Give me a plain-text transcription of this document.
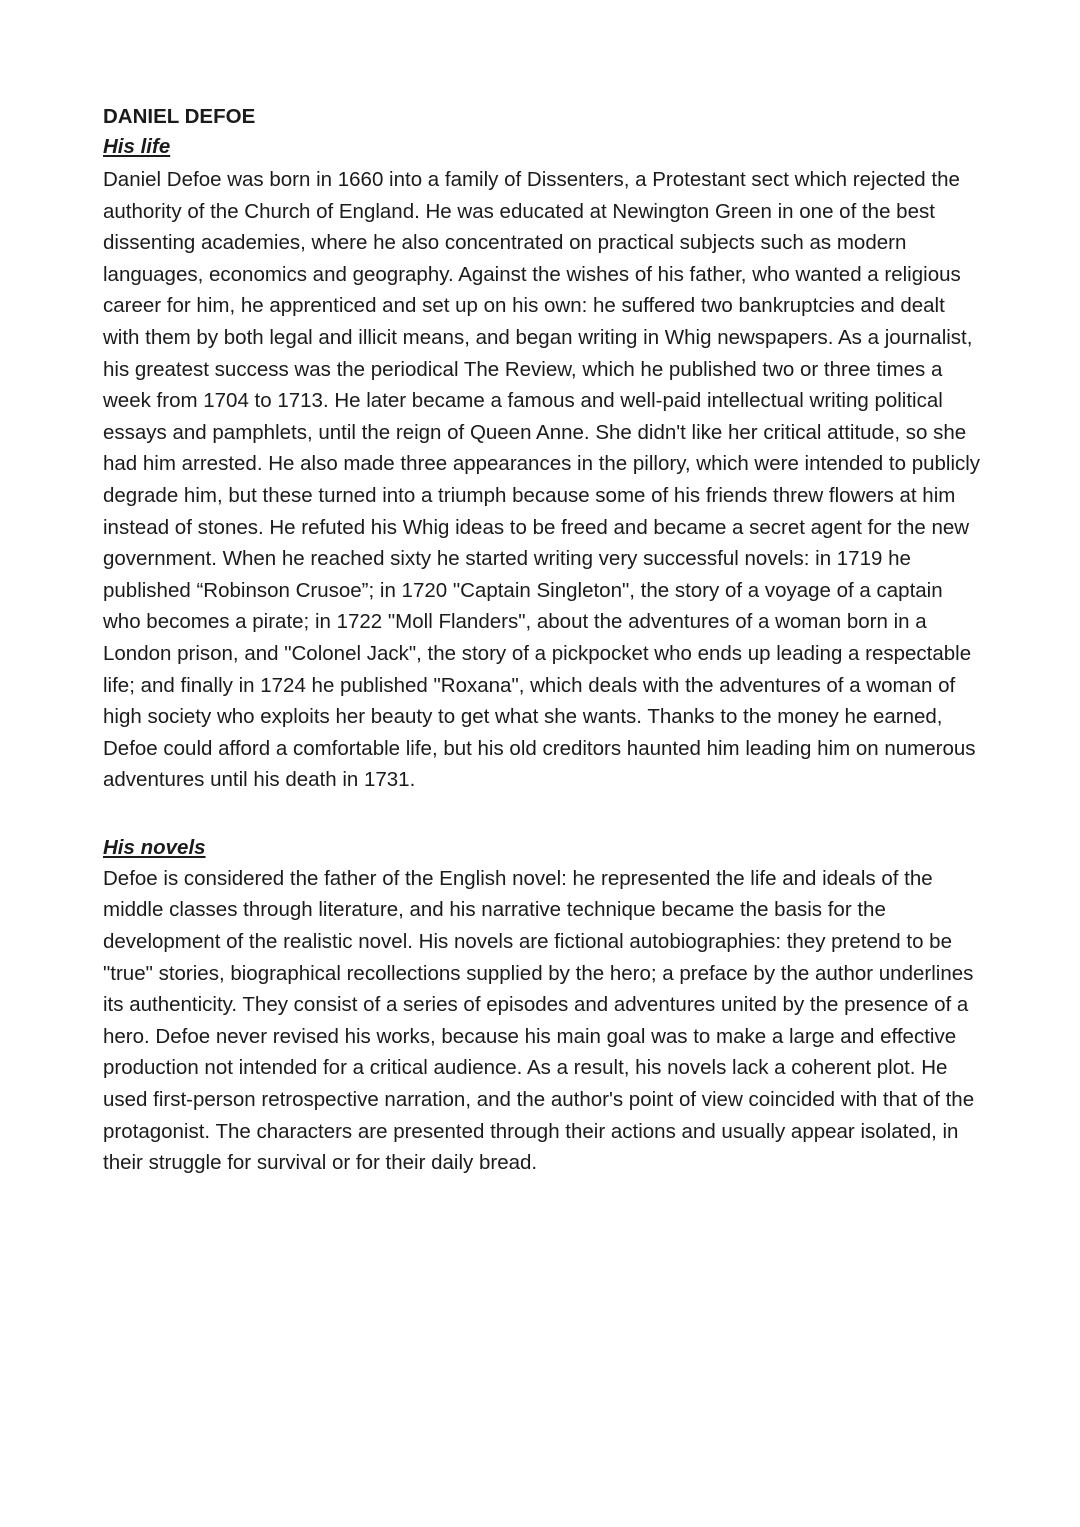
DANIEL DEFOE
His life

Daniel Defoe was born in 1660 into a family of Dissenters, a Protestant sect which rejected the authority of the Church of England. He was educated at Newington Green in one of the best dissenting academies, where he also concentrated on practical subjects such as modern languages, economics and geography. Against the wishes of his father, who wanted a religious career for him, he apprenticed and set up on his own: he suffered two bankruptcies and dealt with them by both legal and illicit means, and began writing in Whig newspapers. As a journalist, his greatest success was the periodical The Review, which he published two or three times a week from 1704 to 1713. He later became a famous and well-paid intellectual writing political essays and pamphlets, until the reign of Queen Anne. She didn't like her critical attitude, so she had him arrested. He also made three appearances in the pillory, which were intended to publicly degrade him, but these turned into a triumph because some of his friends threw flowers at him instead of stones. He refuted his Whig ideas to be freed and became a secret agent for the new government. When he reached sixty he started writing very successful novels: in 1719 he published “Robinson Crusoe”; in 1720 "Captain Singleton", the story of a voyage of a captain who becomes a pirate; in 1722 "Moll Flanders", about the adventures of a woman born in a London prison, and "Colonel Jack", the story of a pickpocket who ends up leading a respectable life; and finally in 1724 he published "Roxana", which deals with the adventures of a woman of high society who exploits her beauty to get what she wants. Thanks to the money he earned, Defoe could afford a comfortable life, but his old creditors haunted him leading him on numerous adventures until his death in 1731.

His novels

Defoe is considered the father of the English novel: he represented the life and ideals of the middle classes through literature, and his narrative technique became the basis for the development of the realistic novel. His novels are fictional autobiographies: they pretend to be "true" stories, biographical recollections supplied by the hero; a preface by the author underlines its authenticity. They consist of a series of episodes and adventures united by the presence of a hero. Defoe never revised his works, because his main goal was to make a large and effective production not intended for a critical audience. As a result, his novels lack a coherent plot. He used first-person retrospective narration, and the author's point of view coincided with that of the protagonist. The characters are presented through their actions and usually appear isolated, in their struggle for survival or for their daily bread.
